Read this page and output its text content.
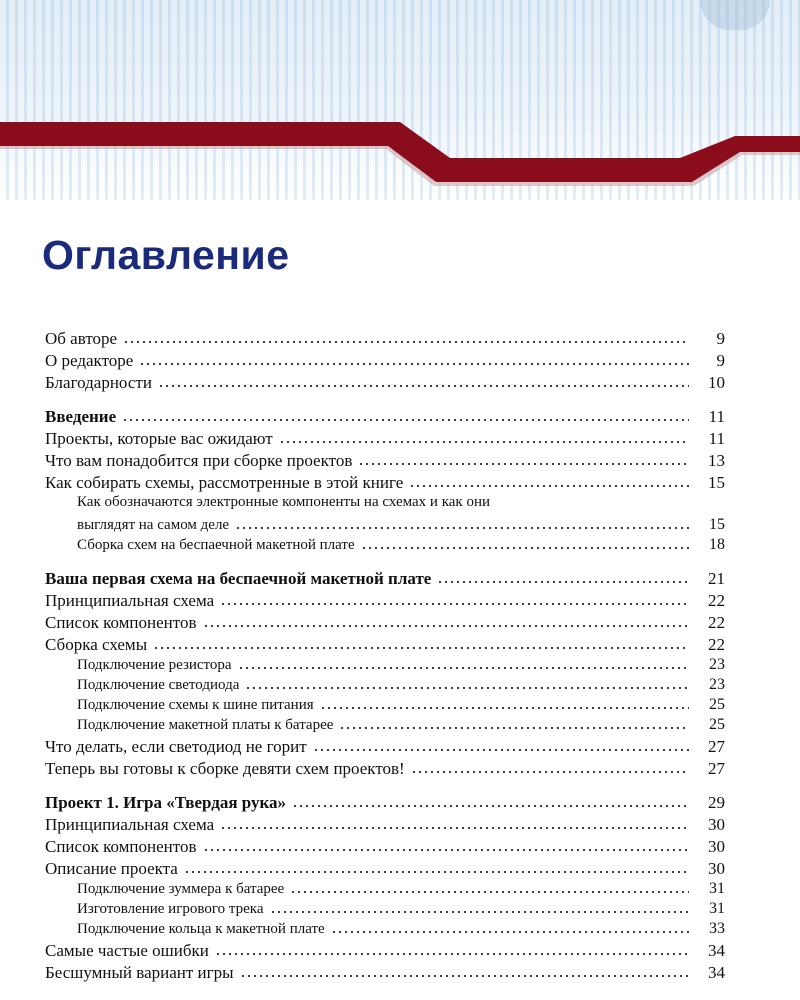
Оглавление
Об авторе	9
О редакторе	9
Благодарности	10
Введение	11
Проекты, которые вас ожидают	11
Что вам понадобится при сборке проектов	13
Как собирать схемы, рассмотренные в этой книге	15
Как обозначаются электронные компоненты на схемах и как они
выглядят на самом деле	15
Сборка схем на беспаечной макетной плате	18
Ваша первая схема на беспаечной макетной плате	21
Принципиальная схема	22
Список компонентов	22
Сборка схемы	22
Подключение резистора	23
Подключение светодиода	23
Подключение схемы к шине питания	25
Подключение макетной платы к батарее	25
Что делать, если светодиод не горит	27
Теперь вы готовы к сборке девяти схем проектов!	27
Проект 1. Игра «Твердая рука»	29
Принципиальная схема	30
Список компонентов	30
Описание проекта	30
Подключение зуммера к батарее	31
Изготовление игрового трека	31
Подключение кольца к макетной плате	33
Самые частые ошибки	34
Бесшумный вариант игры	34
